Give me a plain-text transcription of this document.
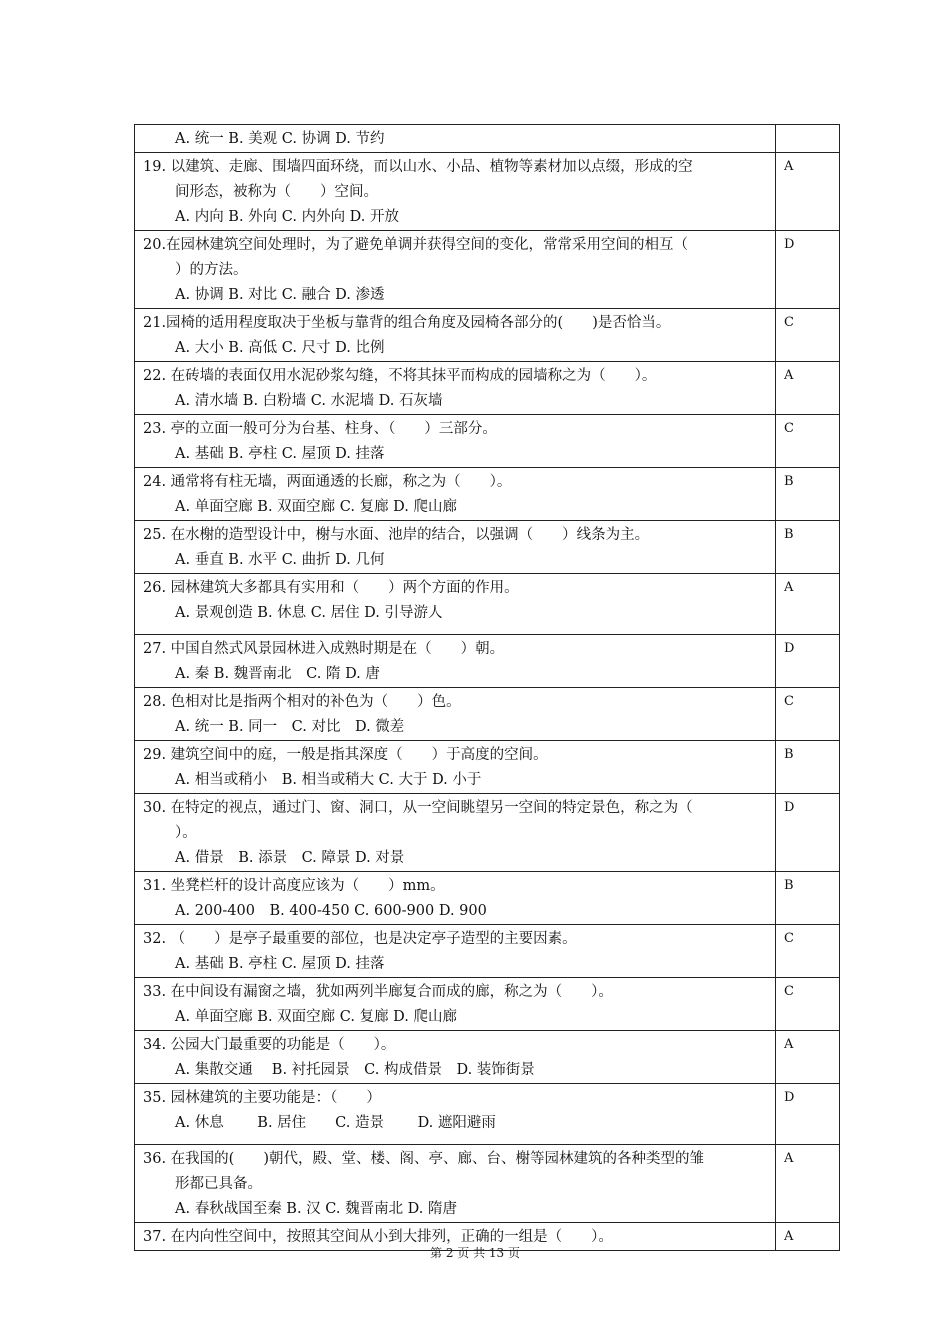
A. 统一 B. 美观 C. 协调 D. 节约	

19. 以建筑、走廊、围墙四面环绕，而以山水、小品、植物等素材加以点缀，形成的空
间形态，被称为（　　）空间。
A. 内向 B. 外向 C. 内外向 D. 开放	A

20.在园林建筑空间处理时，为了避免单调并获得空间的变化，常常采用空间的相互（
）的方法。
A. 协调 B. 对比 C. 融合 D. 渗透	D

21.园椅的适用程度取决于坐板与靠背的组合角度及园椅各部分的(　　)是否恰当。
A. 大小 B. 高低 C. 尺寸 D. 比例	C

22. 在砖墙的表面仅用水泥砂浆勾缝，不将其抹平而构成的园墙称之为（　　）。
A. 清水墙 B. 白粉墙 C. 水泥墙 D. 石灰墙	A

23. 亭的立面一般可分为台基、柱身、（　　）三部分。
A. 基础 B. 亭柱 C. 屋顶 D. 挂落	C

24. 通常将有柱无墙，两面通透的长廊，称之为（　　）。
A. 单面空廊 B. 双面空廊 C. 复廊 D. 爬山廊	B

25. 在水榭的造型设计中，榭与水面、池岸的结合，以强调（　　）线条为主。
A. 垂直 B. 水平 C. 曲折 D. 几何	B

26. 园林建筑大多都具有实用和（　　）两个方面的作用。
A. 景观创造 B. 休息 C. 居住 D. 引导游人	A

27. 中国自然式风景园林进入成熟时期是在（　　）朝。
A. 秦 B. 魏晋南北　C. 隋 D. 唐	D

28. 色相对比是指两个相对的补色为（　　）色。
A. 统一 B. 同一　C. 对比　D. 微差	C

29. 建筑空间中的庭，一般是指其深度（　　）于高度的空间。
A. 相当或稍小　B. 相当或稍大 C. 大于 D. 小于	B

30. 在特定的视点，通过门、窗、洞口，从一空间眺望另一空间的特定景色，称之为（
）。
A. 借景　B. 添景　C. 障景 D. 对景	D

31. 坐凳栏杆的设计高度应该为（　　）mm。
A. 200-400　B. 400-450 C. 600-900 D. 900	B

32. （　　）是亭子最重要的部位，也是决定亭子造型的主要因素。
A. 基础 B. 亭柱 C. 屋顶 D. 挂落	C

33. 在中间设有漏窗之墙，犹如两列半廊复合而成的廊，称之为（　　）。
A. 单面空廊 B. 双面空廊 C. 复廊 D. 爬山廊	C

34. 公园大门最重要的功能是（　　）。
A. 集散交通　 B. 衬托园景　C. 构成借景　D. 装饰街景	A

35. 园林建筑的主要功能是：（　　）
A. 休息　　 B. 居住　　C. 造景　　 D. 遮阳避雨	D

36. 在我国的(　　)朝代，殿、堂、楼、阁、亭、廊、台、榭等园林建筑的各种类型的雏
形都已具备。
A. 春秋战国至秦 B. 汉 C. 魏晋南北 D. 隋唐	A

37. 在内向性空间中，按照其空间从小到大排列，正确的一组是（　　）。	A
第 2 页 共 13 页
